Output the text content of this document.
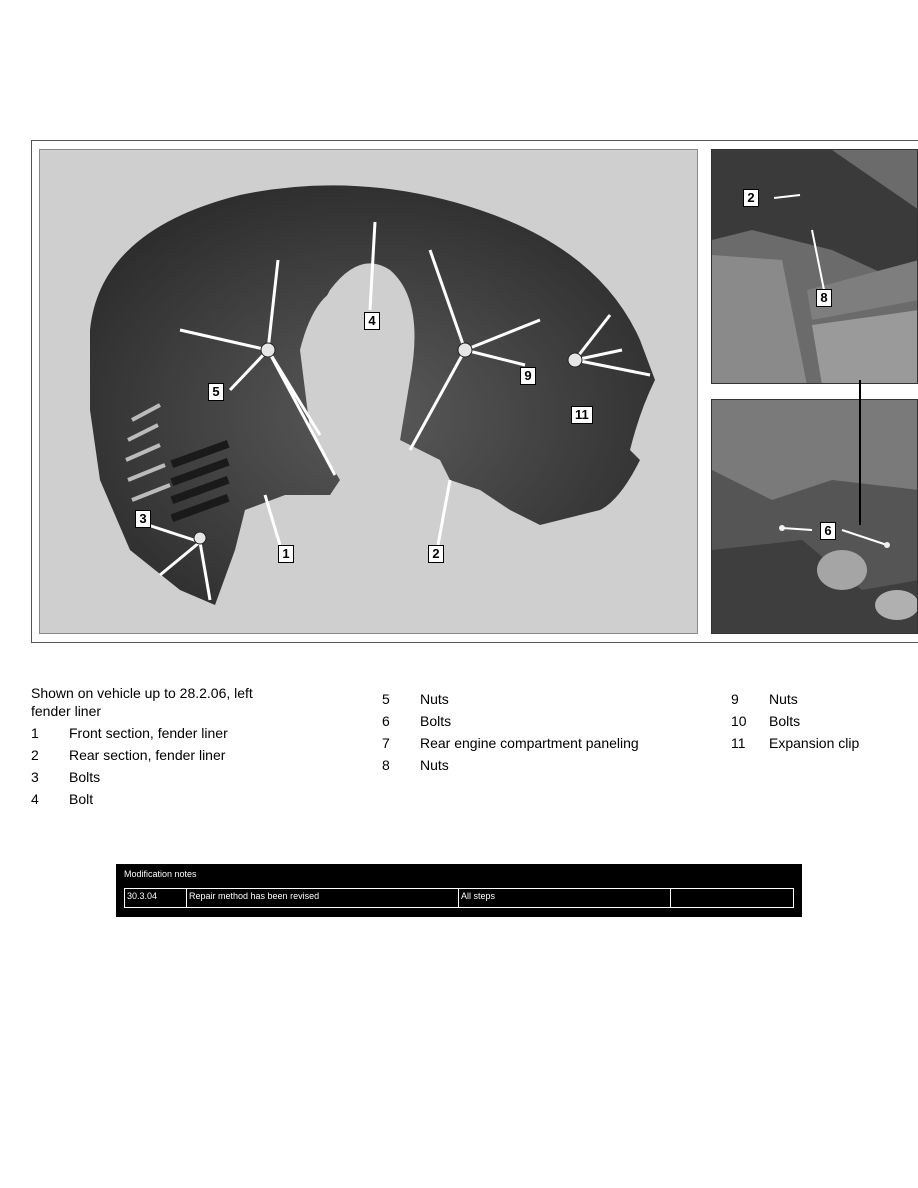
4
5
9
11
3
1	2
2
8
6
Shown on vehicle up to 28.2.06, left fender liner
1	Front section, fender liner
2	Rear section, fender liner
3	Bolts
4	Bolt
5	Nuts
6	Bolts
7	Rear engine compartment paneling
8	Nuts
9	Nuts
10	Bolts
11	Expansion clip
Modification notes
30.3.04	Repair method has been revised	All steps
